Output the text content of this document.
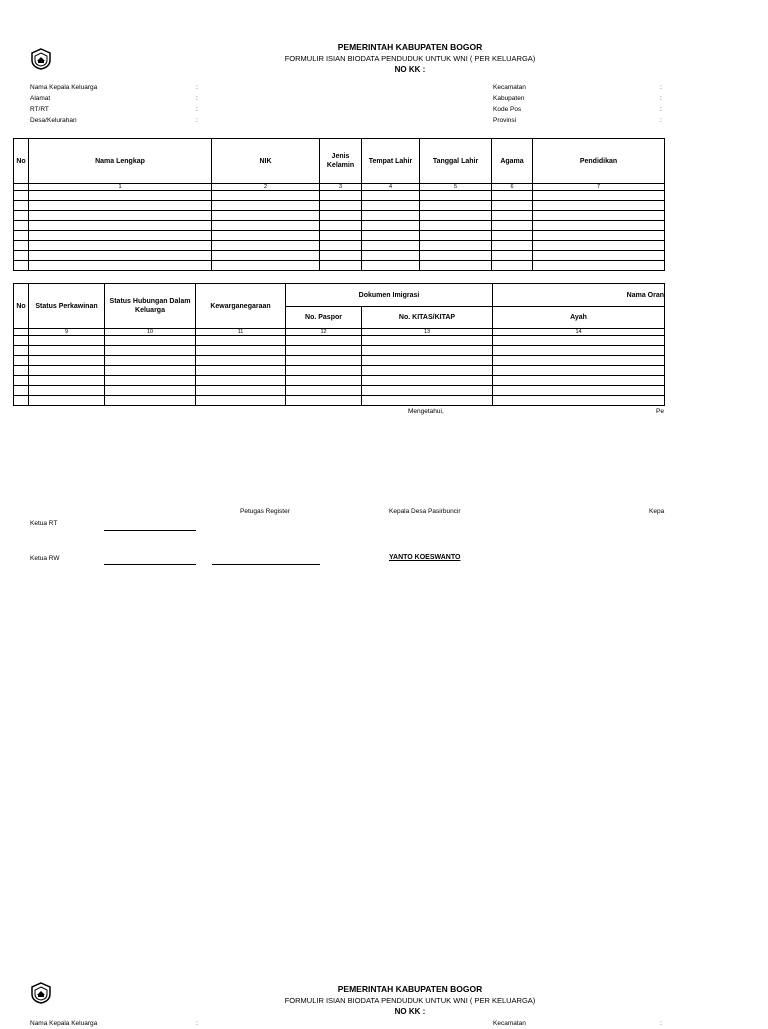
PEMERINTAH KABUPATEN BOGOR
FORMULIR ISIAN BIODATA PENDUDUK UNTUK WNI ( PER KELUARGA)
NO KK :
Nama Kepala Keluarga	:
Alamat	:
RT/RT	:
Desa/Kelurahan	:
Kecamatan	:
Kabupaten	:
Kode Pos	:
Provinsi	:
No	Nama Lengkap	NIK	Jenis Kelamin	Tempat Lahir	Tanggal Lahir	Agama	Pendidikan
	1	2	3	4	5	6	7

No	Status Perkawinan	Status Hubungan Dalam Keluarga	Kewarganegaraan	Dokumen Imigrasi		Nama Oran
				No. Paspor	No. KITAS/KITAP	Ayah
	9	10	11	12	13	14

Mengetahui,	Pe
Petugas Register	Kepala Desa Pasirbuncir	Kepa
Ketua RT
Ketua RW	YANTO KOESWANTO
PEMERINTAH KABUPATEN BOGOR
FORMULIR ISIAN BIODATA PENDUDUK UNTUK WNI ( PER KELUARGA)
NO KK :
Nama Kepala Keluarga	:	Kecamatan	:
